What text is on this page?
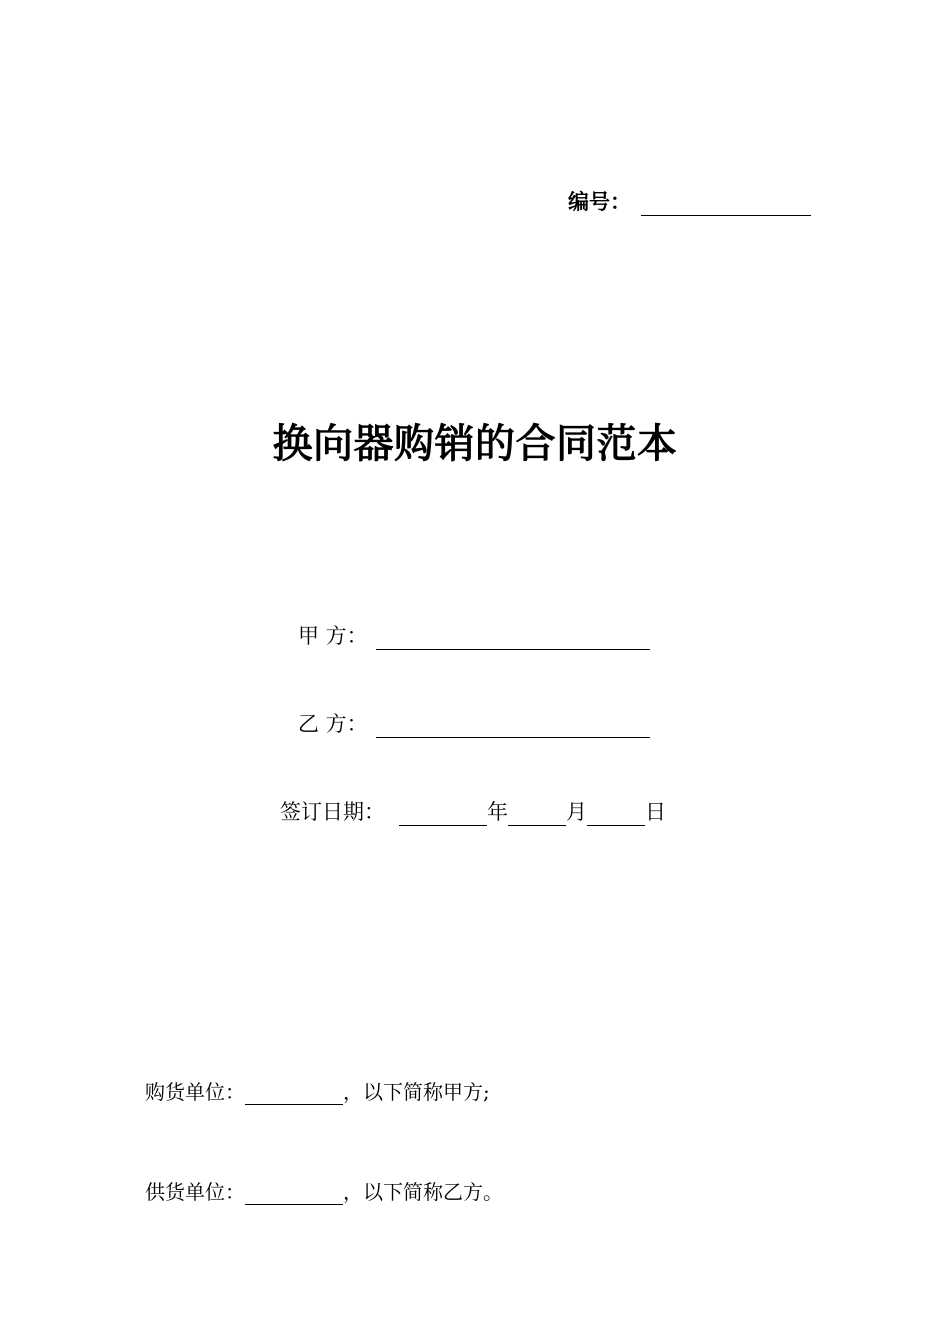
编号：
换向器购销的合同范本
甲 方：
乙 方：
签订日期：	年	月	日
购货单位：	，以下简称甲方;
供货单位：	，以下简称乙方。
